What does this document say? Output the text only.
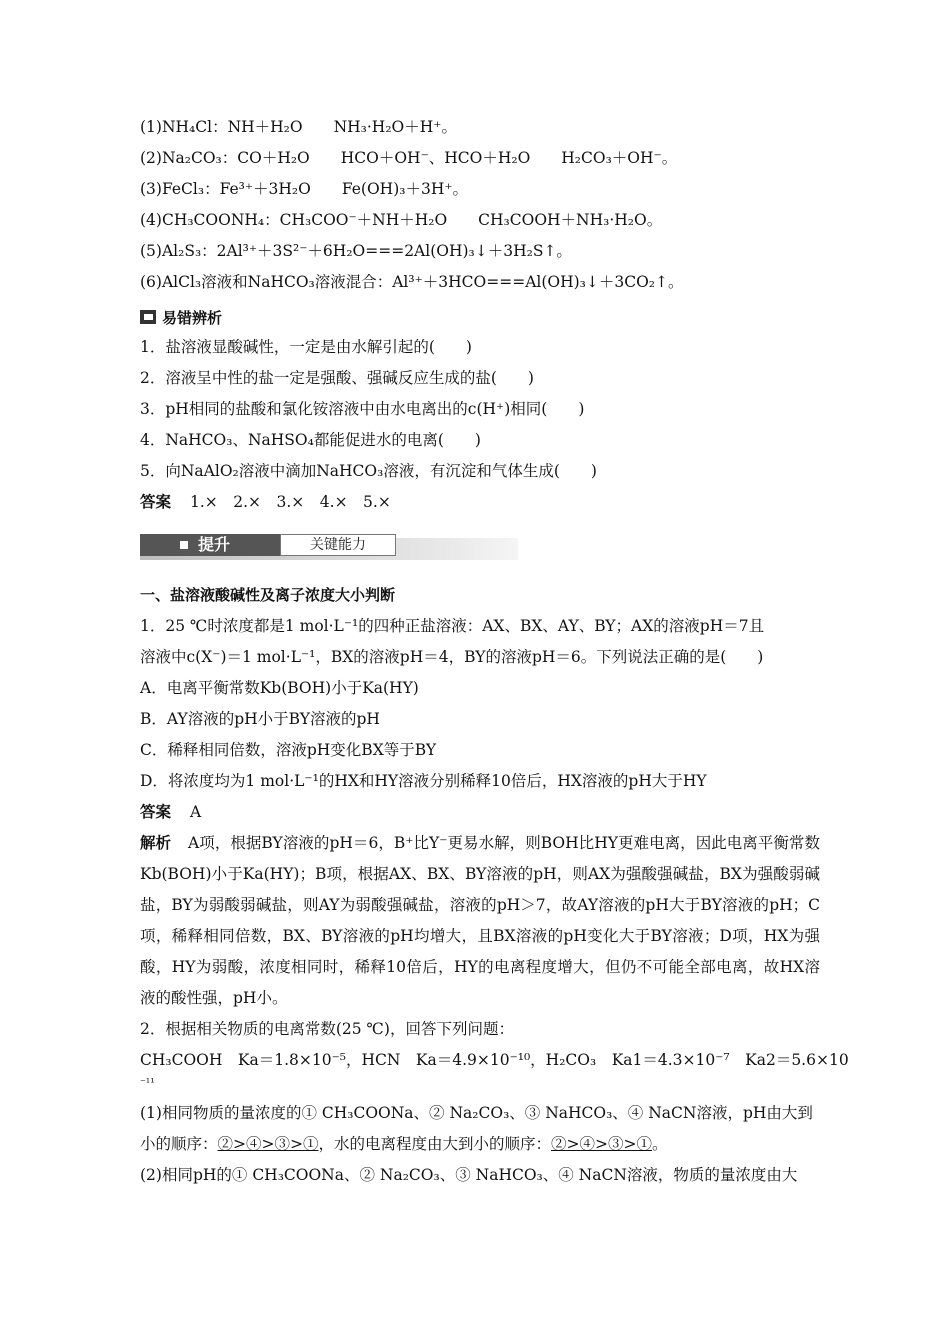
(1)NH₄Cl：NH＋H₂O　　NH₃·H₂O＋H⁺。
(2)Na₂CO₃：CO＋H₂O　　HCO＋OH⁻、HCO＋H₂O　　H₂CO₃＋OH⁻。
(3)FeCl₃：Fe³⁺＋3H₂O　　Fe(OH)₃＋3H⁺。
(4)CH₃COONH₄：CH₃COO⁻＋NH＋H₂O　　CH₃COOH＋NH₃·H₂O。
(5)Al₂S₃：2Al³⁺＋3S²⁻＋6H₂O===2Al(OH)₃↓＋3H₂S↑。
(6)AlCl₃溶液和NaHCO₃溶液混合：Al³⁺＋3HCO===Al(OH)₃↓＋3CO₂↑。
易错辨析
1．盐溶液显酸碱性，一定是由水解引起的(　　)
2．溶液呈中性的盐一定是强酸、强碱反应生成的盐(　　)
3．pH相同的盐酸和氯化铵溶液中由水电离出的c(H⁺)相同(　　)
4．NaHCO₃、NaHSO₄都能促进水的电离(　　)
5．向NaAlO₂溶液中滴加NaHCO₃溶液，有沉淀和气体生成(　　)
答案 1.×　2.×　3.×　4.×　5.×
提升	关键能力
一、盐溶液酸碱性及离子浓度大小判断
1．25 ℃时浓度都是1 mol·L⁻¹的四种正盐溶液：AX、BX、AY、BY；AX的溶液pH＝7且
溶液中c(X⁻)＝1 mol·L⁻¹，BX的溶液pH＝4，BY的溶液pH＝6。下列说法正确的是(　　)
A．电离平衡常数Kb(BOH)小于Ka(HY)
B．AY溶液的pH小于BY溶液的pH
C．稀释相同倍数，溶液pH变化BX等于BY
D．将浓度均为1 mol·L⁻¹的HX和HY溶液分别稀释10倍后，HX溶液的pH大于HY
答案 A
解析 A项，根据BY溶液的pH＝6，B⁺比Y⁻更易水解，则BOH比HY更难电离，因此电离平衡常数Kb(BOH)小于Ka(HY)；B项，根据AX、BX、BY溶液的pH，则AX为强酸强碱盐，BX为强酸弱碱盐，BY为弱酸弱碱盐，则AY为弱酸强碱盐，溶液的pH＞7，故AY溶液的pH大于BY溶液的pH；C项，稀释相同倍数，BX、BY溶液的pH均增大，且BX溶液的pH变化大于BY溶液；D项，HX为强酸，HY为弱酸，浓度相同时，稀释10倍后，HY的电离程度增大，但仍不可能全部电离，故HX溶液的酸性强，pH小。
2．根据相关物质的电离常数(25 ℃)，回答下列问题：
CH₃COOH　Ka＝1.8×10⁻⁵，HCN　Ka＝4.9×10⁻¹⁰，H₂CO₃　Ka1＝4.3×10⁻⁷　Ka2＝5.6×10
⁻¹¹
(1)相同物质的量浓度的① CH₃COONa、② Na₂CO₃、③ NaHCO₃、④ NaCN溶液，pH由大到
小的顺序：②>④>③>①，水的电离程度由大到小的顺序：②>④>③>①。
(2)相同pH的① CH₃COONa、② Na₂CO₃、③ NaHCO₃、④ NaCN溶液，物质的量浓度由大
